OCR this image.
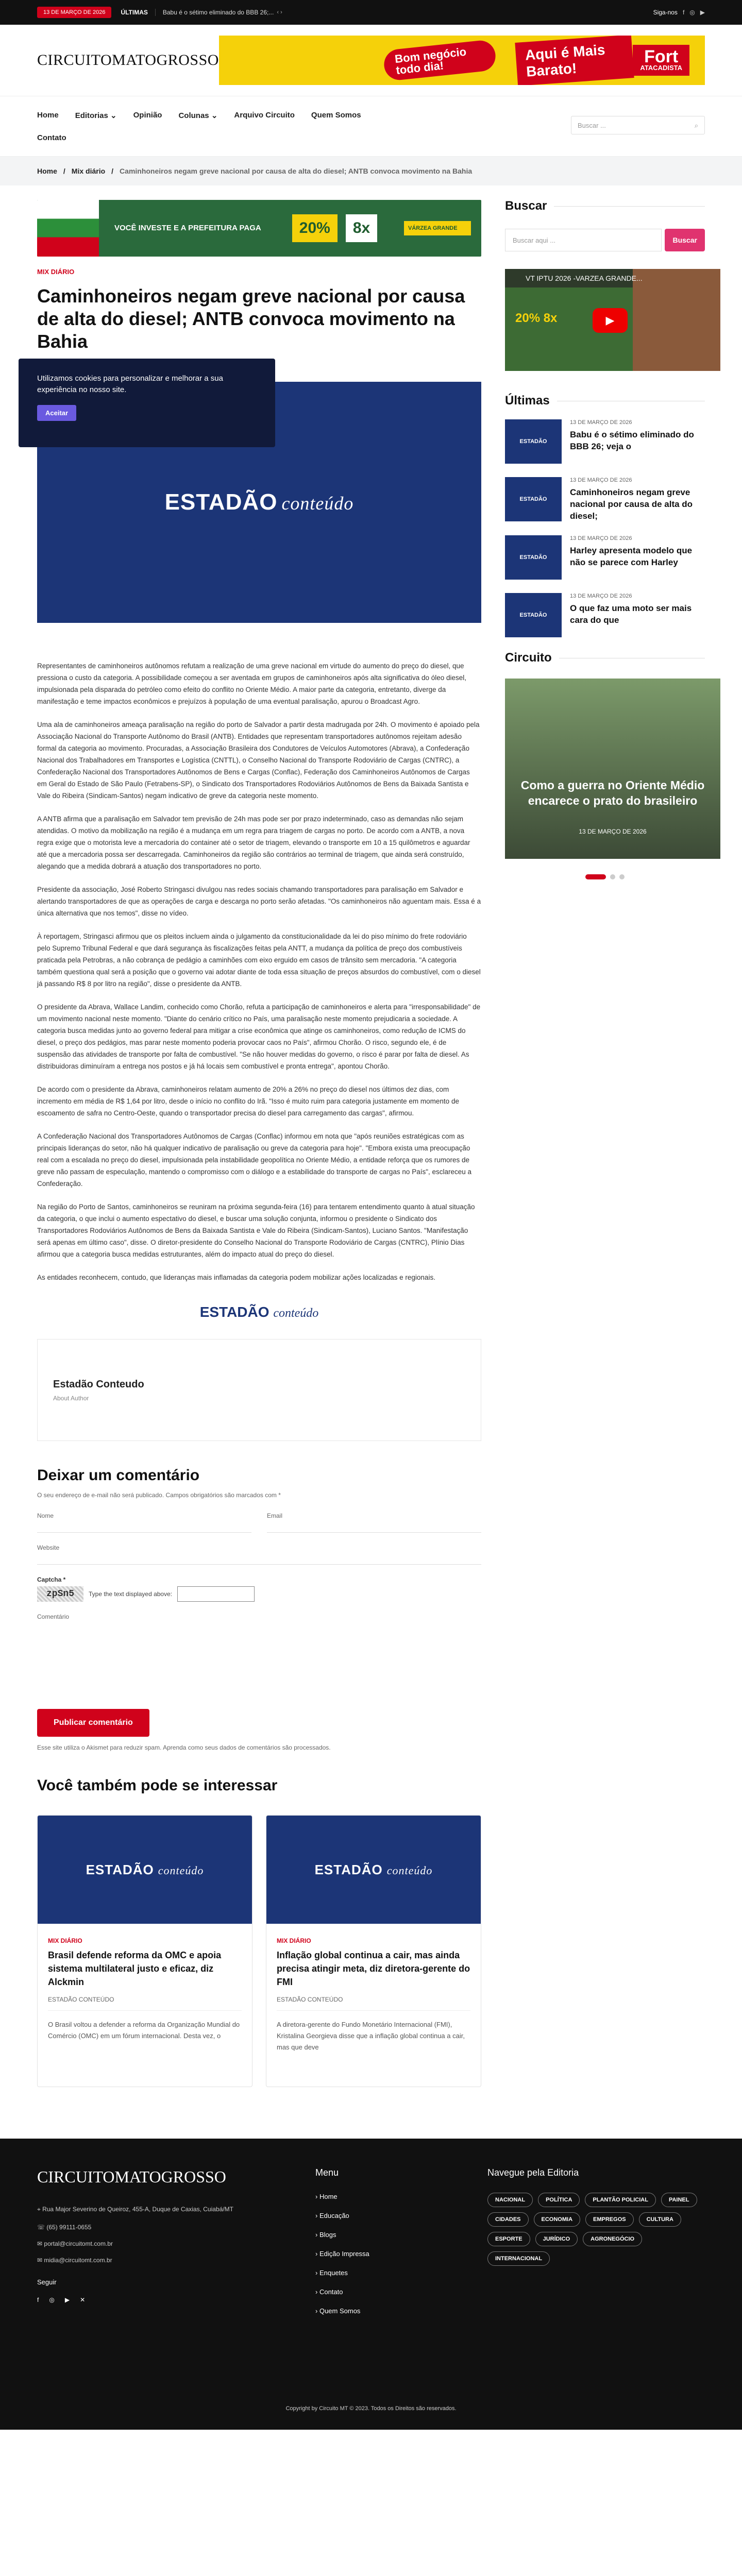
13 DE MARÇO DE 2026	ÚLTIMAS	Babu é o sétimo eliminado do BBB 26;... ‹ ›	Siga-nos f ◎ ▶
CIRCUITOMATOGROSSO	Bom negócio todo dia!
Aqui é Mais Barato!
Fort
ATACADISTA
Home Editorias ⌄ Opinião Colunas ⌄ Arquivo Circuito Quem Somos
Contato
Buscar ...	⌕
Home / Mix diário / Caminhoneiros negam greve nacional por causa de alta do diesel; ANTB convoca movimento na Bahia
VOCÊ INVESTE E A PREFEITURA PAGA	20%	8x	VÁRZEA GRANDE
MIX DIÁRIO
Caminhoneiros negam greve nacional por causa de alta do diesel; ANTB convoca movimento na Bahia
ESTADÃO conteúdo

Representantes de caminhoneiros autônomos refutam a realização de uma greve nacional em virtude do aumento do preço do diesel, que pressiona o custo da categoria. A possibilidade começou a ser aventada em grupos de caminhoneiros após alta significativa do óleo diesel, impulsionada pela disparada do petróleo como efeito do conflito no Oriente Médio. A maior parte da categoria, entretanto, diverge da manifestação e teme impactos econômicos e prejuízos à população de uma eventual paralisação, apurou o Broadcast Agro.

Uma ala de caminhoneiros ameaça paralisação na região do porto de Salvador a partir desta madrugada por 24h. O movimento é apoiado pela Associação Nacional do Transporte Autônomo do Brasil (ANTB). Entidades que representam transportadores autônomos rejeitam adesão formal da categoria ao movimento. Procuradas, a Associação Brasileira dos Condutores de Veículos Automotores (Abrava), a Confederação Nacional dos Trabalhadores em Transportes e Logística (CNTTL), o Conselho Nacional do Transporte Rodoviário de Cargas (CNTRC), a Confederação Nacional dos Transportadores Autônomos de Bens e Cargas (Conflac), Federação dos Caminhoneiros Autônomos de Cargas em Geral do Estado de São Paulo (Fetrabens-SP), o Sindicato dos Transportadores Rodoviários Autônomos de Bens da Baixada Santista e Vale do Ribeira (Sindicam-Santos) negam indicativo de greve da categoria neste momento.

A ANTB afirma que a paralisação em Salvador tem previsão de 24h mas pode ser por prazo indeterminado, caso as demandas não sejam atendidas. O motivo da mobilização na região é a mudança em um regra para triagem de cargas no porto. De acordo com a ANTB, a nova regra exige que o motorista leve a mercadoria do container até o setor de triagem, elevando o transporte em 10 a 15 quilômetros e aguardar até que a mercadoria possa ser descarregada. Caminhoneiros da região são contrários ao terminal de triagem, que ainda será construído, alegando que a medida dobrará a atuação dos transportadores no porto.

Presidente da associação, José Roberto Stringasci divulgou nas redes sociais chamando transportadores para paralisação em Salvador e alertando transportadores de que as operações de carga e descarga no porto serão afetadas. "Os caminhoneiros não aguentam mais. Essa é a única alternativa que nos temos", disse no vídeo.

À reportagem, Stringasci afirmou que os pleitos incluem ainda o julgamento da constitucionalidade da lei do piso mínimo do frete rodoviário pelo Supremo Tribunal Federal e que dará segurança às fiscalizações feitas pela ANTT, a mudança da política de preço dos combustíveis praticada pela Petrobras, a não cobrança de pedágio a caminhões com eixo erguido em casos de trânsito sem mercadoria. "A categoria também questiona qual será a posição que o governo vai adotar diante de toda essa situação de preços absurdos do combustível, com o diesel já passando R$ 8 por litro na região", disse o presidente da ANTB.

O presidente da Abrava, Wallace Landim, conhecido como Chorão, refuta a participação de caminhoneiros e alerta para "irresponsabilidade" de um movimento nacional neste momento. "Diante do cenário crítico no País, uma paralisação neste momento prejudicaria a sociedade. A categoria busca medidas junto ao governo federal para mitigar a crise econômica que atinge os caminhoneiros, como redução de ICMS do diesel, o preço dos pedágios, mas parar neste momento poderia provocar caos no País", afirmou Chorão. O risco, segundo ele, é de suspensão das atividades de transporte por falta de combustível. "Se não houver medidas do governo, o risco é parar por falta de diesel. As distribuidoras diminuíram a entrega nos postos e já há locais sem combustível e pronta entrega", apontou Chorão.

De acordo com o presidente da Abrava, caminhoneiros relatam aumento de 20% a 26% no preço do diesel nos últimos dez dias, com incremento em média de R$ 1,64 por litro, desde o início no conflito do Irã. "Isso é muito ruim para categoria justamente em momento de escoamento de safra no Centro-Oeste, quando o transportador precisa do diesel para carregamento das cargas", afirmou.

A Confederação Nacional dos Transportadores Autônomos de Cargas (Conflac) informou em nota que "após reuniões estratégicas com as principais lideranças do setor, não há qualquer indicativo de paralisação ou greve da categoria para hoje". "Embora exista uma preocupação real com a escalada no preço do diesel, impulsionada pela instabilidade geopolítica no Oriente Médio, a entidade reforça que os rumores de greve não passam de especulação, mantendo o compromisso com o diálogo e a estabilidade do transporte de cargas no País", esclareceu a Confederação.

Na região do Porto de Santos, caminhoneiros se reuniram na próxima segunda-feira (16) para tentarem entendimento quanto à atual situação da categoria, o que inclui o aumento espectativo do diesel, e buscar uma solução conjunta, informou o presidente o Sindicato dos Transportadores Rodoviários Autônomos de Bens da Baixada Santista e Vale do Ribeira (Sindicam-Santos), Luciano Santos. "Manifestação será apenas em último caso", disse. O diretor-presidente do Conselho Nacional do Transporte Rodoviário de Cargas (CNTRC), Plínio Dias afirmou que a categoria busca medidas estruturantes, além do impacto atual do preço do diesel.

As entidades reconhecem, contudo, que lideranças mais inflamadas da categoria podem mobilizar ações localizadas e regionais.

ESTADÃO conteúdo
Estadão Conteudo
About Author
Deixar um comentário
O seu endereço de e-mail não será publicado. Campos obrigatórios são marcados com *
Nome	Email
Website
Captcha *
zpSn5	Type the text displayed above:
Comentário
Publicar comentário
Esse site utiliza o Akismet para reduzir spam. Aprenda como seus dados de comentários são processados.
Você também pode se interessar
ESTADÃO conteúdo
MIX DIÁRIO
Brasil defende reforma da OMC e apoia sistema multilateral justo e eficaz, diz Alckmin
ESTADÃO CONTEÚDO
O Brasil voltou a defender a reforma da Organização Mundial do Comércio (OMC) em um fórum internacional. Desta vez, o
ESTADÃO conteúdo
MIX DIÁRIO
Inflação global continua a cair, mas ainda precisa atingir meta, diz diretora-gerente do FMI
ESTADÃO CONTEÚDO
A diretora-gerente do Fundo Monetário Internacional (FMI), Kristalina Georgieva disse que a inflação global continua a cair, mas que deve
Buscar
Buscar aqui ...	Buscar
20% 8x
VT IPTU 2026 -VARZEA GRANDE...
▶
Últimas
ESTADÃO
13 DE MARÇO DE 2026
Babu é o sétimo eliminado do BBB 26; veja o
ESTADÃO
13 DE MARÇO DE 2026
Caminhoneiros negam greve nacional por causa de alta do diesel;
ESTADÃO
13 DE MARÇO DE 2026
Harley apresenta modelo que não se parece com Harley
ESTADÃO
13 DE MARÇO DE 2026
O que faz uma moto ser mais cara do que
Circuito
Como a guerra no Oriente Médio encarece o prato do brasileiro
13 DE MARÇO DE 2026
CIRCUITOMATOGROSSO
⌖ Rua Major Severino de Queiroz, 455-A, Duque de Caxias, Cuiabá/MT
☏ (65) 99111-0655
✉ portal@circuitomt.com.br
✉ midia@circuitomt.com.br
Seguir
f ◎ ▶ ✕
Menu
› Home
› Educação
› Blogs
› Edição Impressa
› Enquetes
› Contato
› Quem Somos
Navegue pela Editoria
NACIONAL	POLÍTICA	PLANTÃO POLICIAL	PAINEL
CIDADES	ECONOMIA	EMPREGOS	CULTURA
ESPORTE	JURÍDICO	AGRONEGÓCIO
INTERNACIONAL
Copyright by Circuito MT © 2023. Todos os Direitos são reservados.

Utilizamos cookies para personalizar e melhorar a sua experiência no nosso site.

Aceitar
